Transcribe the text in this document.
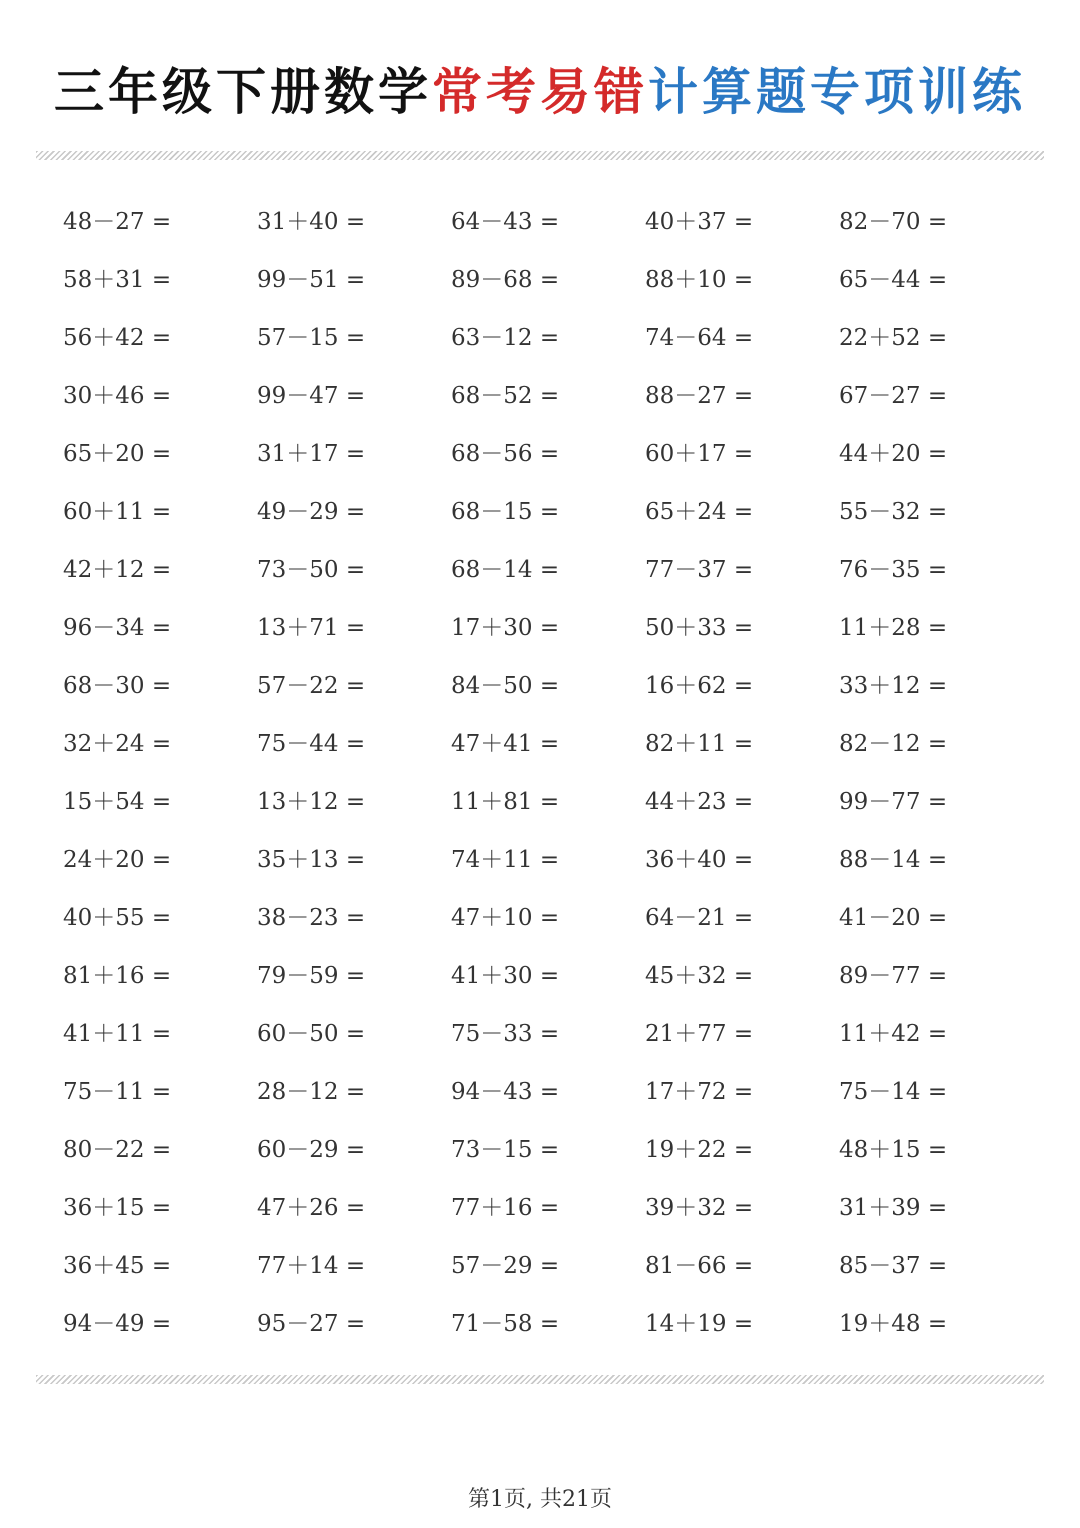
三年级下册数学常考易错计算题专项训练
48－27 =	31＋40 =	64－43 =	40＋37 =	82－70 =
58＋31 =	99－51 =	89－68 =	88＋10 =	65－44 =
56＋42 =	57－15 =	63－12 =	74－64 =	22＋52 =
30＋46 =	99－47 =	68－52 =	88－27 =	67－27 =
65＋20 =	31＋17 =	68－56 =	60＋17 =	44＋20 =
60＋11 =	49－29 =	68－15 =	65＋24 =	55－32 =
42＋12 =	73－50 =	68－14 =	77－37 =	76－35 =
96－34 =	13＋71 =	17＋30 =	50＋33 =	11＋28 =
68－30 =	57－22 =	84－50 =	16＋62 =	33＋12 =
32＋24 =	75－44 =	47＋41 =	82＋11 =	82－12 =
15＋54 =	13＋12 =	11＋81 =	44＋23 =	99－77 =
24＋20 =	35＋13 =	74＋11 =	36＋40 =	88－14 =
40＋55 =	38－23 =	47＋10 =	64－21 =	41－20 =
81＋16 =	79－59 =	41＋30 =	45＋32 =	89－77 =
41＋11 =	60－50 =	75－33 =	21＋77 =	11＋42 =
75－11 =	28－12 =	94－43 =	17＋72 =	75－14 =
80－22 =	60－29 =	73－15 =	19＋22 =	48＋15 =
36＋15 =	47＋26 =	77＋16 =	39＋32 =	31＋39 =
36＋45 =	77＋14 =	57－29 =	81－66 =	85－37 =
94－49 =	95－27 =	71－58 =	14＋19 =	19＋48 =
第1页, 共21页
